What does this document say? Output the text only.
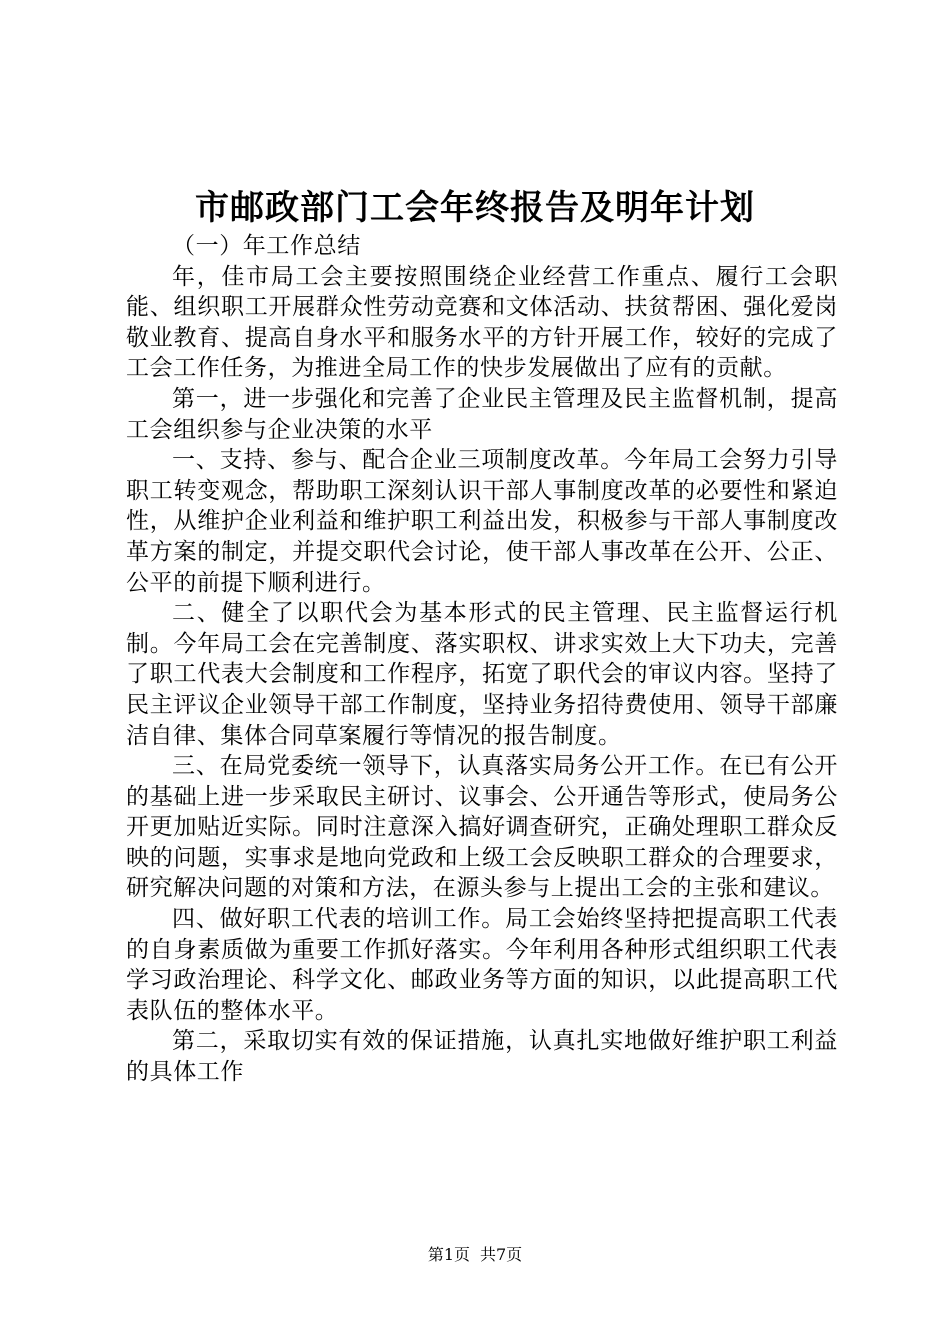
市邮政部门工会年终报告及明年计划

（一）年工作总结

年，佳市局工会主要按照围绕企业经营工作重点、履行工会职能、组织职工开展群众性劳动竞赛和文体活动、扶贫帮困、强化爱岗敬业教育、提高自身水平和服务水平的方针开展工作，较好的完成了工会工作任务，为推进全局工作的快步发展做出了应有的贡献。

第一，进一步强化和完善了企业民主管理及民主监督机制，提高工会组织参与企业决策的水平

一、支持、参与、配合企业三项制度改革。今年局工会努力引导职工转变观念，帮助职工深刻认识干部人事制度改革的必要性和紧迫性，从维护企业利益和维护职工利益出发，积极参与干部人事制度改革方案的制定，并提交职代会讨论，使干部人事改革在公开、公正、公平的前提下顺利进行。

二、健全了以职代会为基本形式的民主管理、民主监督运行机制。今年局工会在完善制度、落实职权、讲求实效上大下功夫，完善了职工代表大会制度和工作程序，拓宽了职代会的审议内容。坚持了民主评议企业领导干部工作制度，坚持业务招待费使用、领导干部廉洁自律、集体合同草案履行等情况的报告制度。

三、在局党委统一领导下，认真落实局务公开工作。在已有公开的基础上进一步采取民主研讨、议事会、公开通告等形式，使局务公开更加贴近实际。同时注意深入搞好调查研究，正确处理职工群众反映的问题，实事求是地向党政和上级工会反映职工群众的合理要求，研究解决问题的对策和方法，在源头参与上提出工会的主张和建议。

四、做好职工代表的培训工作。局工会始终坚持把提高职工代表的自身素质做为重要工作抓好落实。今年利用各种形式组织职工代表学习政治理论、科学文化、邮政业务等方面的知识，以此提高职工代表队伍的整体水平。

第二，采取切实有效的保证措施，认真扎实地做好维护职工利益的具体工作

第1页 共7页
